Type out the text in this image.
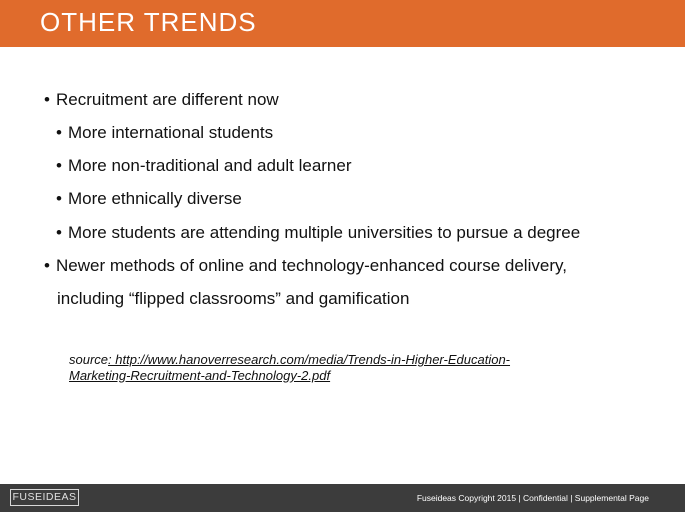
OTHER TRENDS
• Recruitment are different now
• More international students
• More non-traditional and adult learner
• More ethnically diverse
• More students are attending multiple universities to pursue a degree
• Newer methods of online and technology-enhanced course delivery,
including “flipped classrooms” and gamification

source: http://www.hanoverresearch.com/media/Trends-in-Higher-Education-
Marketing-Recruitment-and-Technology-2.pdf

FUSEIDEAS	Fuseideas Copyright 2015 | Confidential | Supplemental Page
